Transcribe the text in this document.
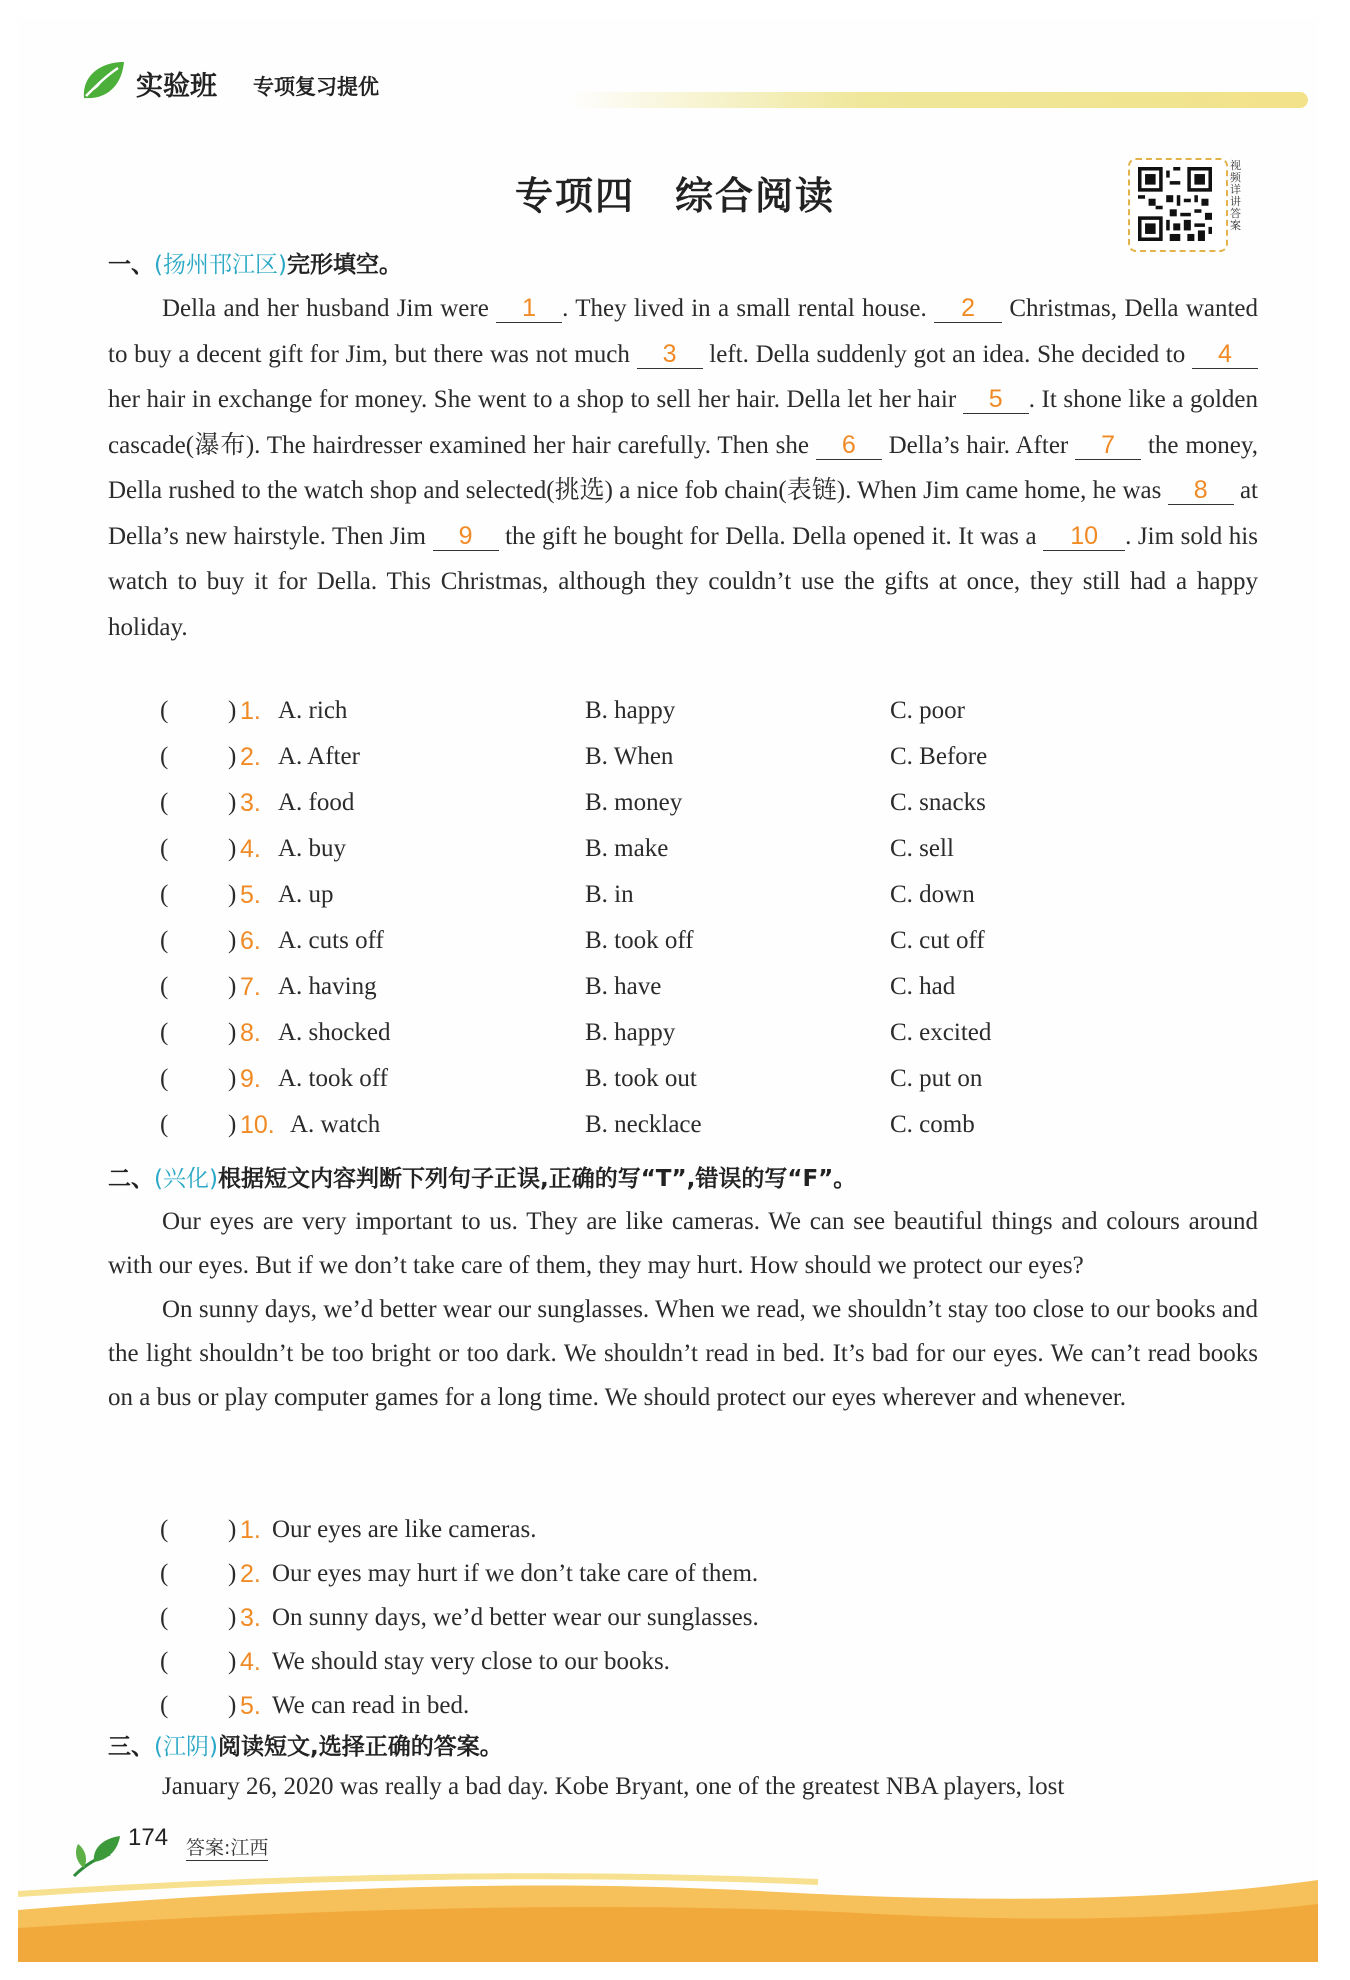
实验班 专项复习提优
专项四　综合阅读
视频详讲答案
一、(扬州邗江区)完形填空。

Della and her husband Jim were 1 . They lived in a small rental house. 2 Christmas, Della wanted to buy a decent gift for Jim, but there was not much 3 left. Della suddenly got an idea. She decided to 4 her hair in exchange for money. She went to a shop to sell her hair. Della let her hair 5 . It shone like a golden cascade(瀑布). The hairdresser examined her hair carefully. Then she 6 Della’s hair. After 7 the money, Della rushed to the watch shop and selected(挑选) a nice fob chain(表链). When Jim came home, he was 8 at Della’s new hairstyle. Then Jim 9 the gift he bought for Della. Della opened it. It was a 10 . Jim sold his watch to buy it for Della. This Christmas, although they couldn’t use the gifts at once, they still had a happy holiday.

( ) 1. A. rich	B. happy	C. poor
( ) 2. A. After	B. When	C. Before
( ) 3. A. food	B. money	C. snacks
( ) 4. A. buy	B. make	C. sell
( ) 5. A. up	B. in	C. down
( ) 6. A. cuts off	B. took off	C. cut off
( ) 7. A. having	B. have	C. had
( ) 8. A. shocked	B. happy	C. excited
( ) 9. A. took off	B. took out	C. put on
( ) 10. A. watch	B. necklace	C. comb
二、(兴化)根据短文内容判断下列句子正误,正确的写“T”,错误的写“F”。

Our eyes are very important to us. They are like cameras. We can see beautiful things and colours around with our eyes. But if we don’t take care of them, they may hurt. How should we protect our eyes?

On sunny days, we’d better wear our sunglasses. When we read, we shouldn’t stay too close to our books and the light shouldn’t be too bright or too dark. We shouldn’t read in bed. It’s bad for our eyes. We can’t read books on a bus or play computer games for a long time. We should protect our eyes wherever and whenever.

( ) 1. Our eyes are like cameras.
( ) 2. Our eyes may hurt if we don’t take care of them.
( ) 3. On sunny days, we’d better wear our sunglasses.
( ) 4. We should stay very close to our books.
( ) 5. We can read in bed.
三、(江阴)阅读短文,选择正确的答案。

January 26, 2020 was really a bad day. Kobe Bryant, one of the greatest NBA players, lost

174 答案:江西
